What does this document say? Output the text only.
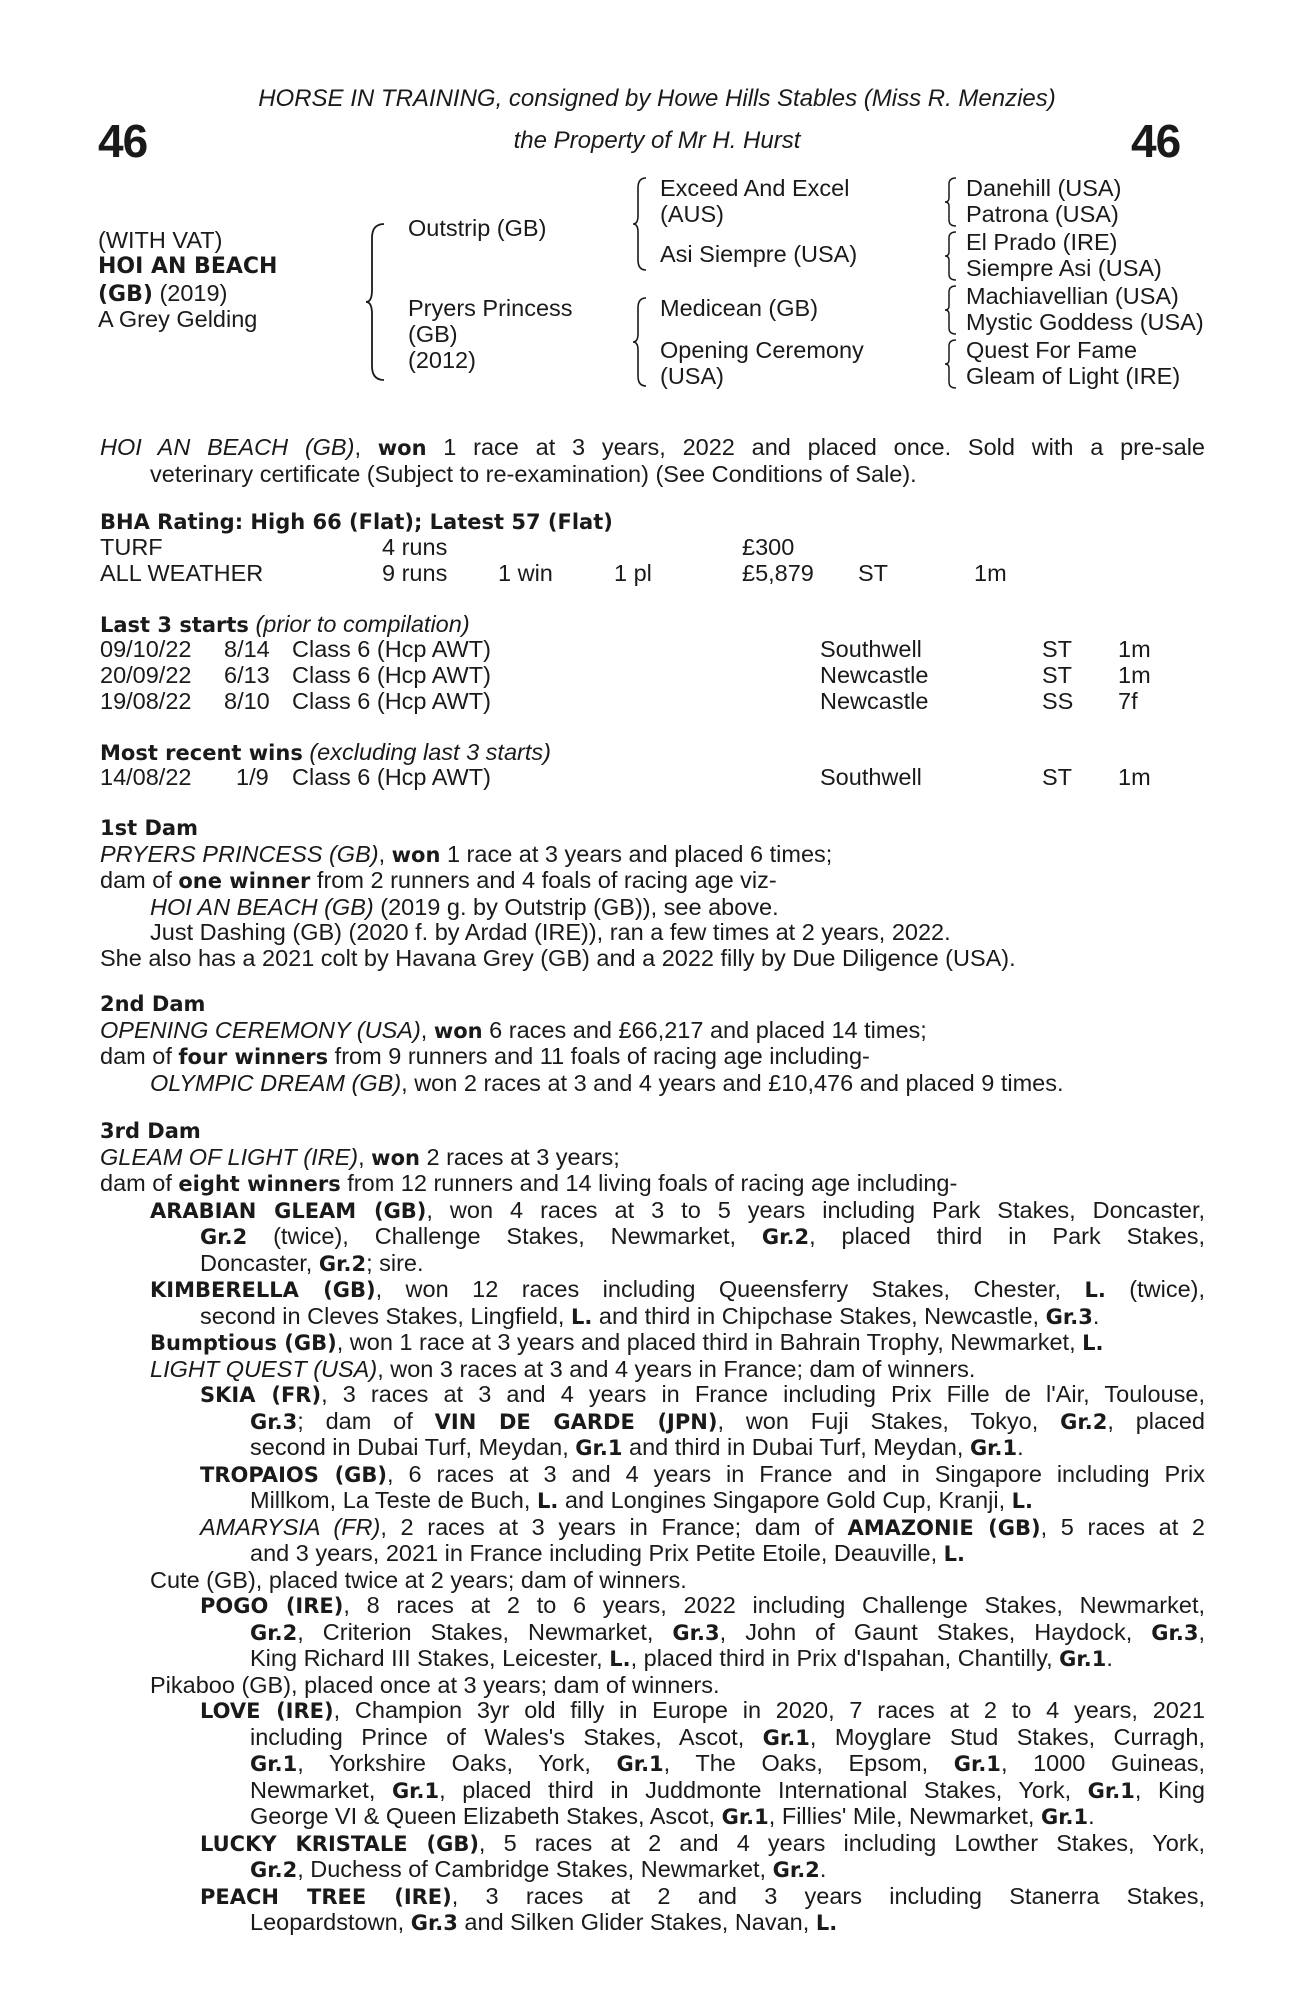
46	46
HORSE IN TRAINING, consigned by Howe Hills Stables (Miss R. Menzies)
the Property of Mr H. Hurst
(WITH VAT)
HOI AN BEACH
(GB) (2019)
A Grey Gelding
Outstrip (GB)
Pryers Princess
(GB)
(2012)
Exceed And Excel
(AUS)
Asi Siempre (USA)
Medicean (GB)
Opening Ceremony
(USA)
Danehill (USA)
Patrona (USA)
El Prado (IRE)
Siempre Asi (USA)
Machiavellian (USA)
Mystic Goddess (USA)
Quest For Fame
Gleam of Light (IRE)
HOI AN BEACH (GB), won 1 race at 3 years, 2022 and placed once. Sold with a pre-sale
veterinary certificate (Subject to re-examination) (See Conditions of Sale).
BHA Rating: High 66 (Flat); Latest 57 (Flat)
TURF	4 runs	£300
ALL WEATHER	9 runs 1 win	1 pl	£5,879 ST	1m
Last 3 starts (prior to compilation)
09/10/22 8/14 Class 6 (Hcp AWT)	Southwell	ST 1m
20/09/22 6/13 Class 6 (Hcp AWT)	Newcastle	ST 1m
19/08/22 8/10 Class 6 (Hcp AWT)	Newcastle	SS 7f
Most recent wins (excluding last 3 starts)
14/08/22 1/9 Class 6 (Hcp AWT)	Southwell	ST 1m
1st Dam
PRYERS PRINCESS (GB), won 1 race at 3 years and placed 6 times;
dam of one winner from 2 runners and 4 foals of racing age viz-
HOI AN BEACH (GB) (2019 g. by Outstrip (GB)), see above.
Just Dashing (GB) (2020 f. by Ardad (IRE)), ran a few times at 2 years, 2022.
She also has a 2021 colt by Havana Grey (GB) and a 2022 filly by Due Diligence (USA).
2nd Dam
OPENING CEREMONY (USA), won 6 races and £66,217 and placed 14 times;
dam of four winners from 9 runners and 11 foals of racing age including-
OLYMPIC DREAM (GB), won 2 races at 3 and 4 years and £10,476 and placed 9 times.
3rd Dam
GLEAM OF LIGHT (IRE), won 2 races at 3 years;
dam of eight winners from 12 runners and 14 living foals of racing age including-
ARABIAN GLEAM (GB), won 4 races at 3 to 5 years including Park Stakes, Doncaster,
Gr.2 (twice), Challenge Stakes, Newmarket, Gr.2, placed third in Park Stakes,
Doncaster, Gr.2; sire.
KIMBERELLA (GB), won 12 races including Queensferry Stakes, Chester, L. (twice),
second in Cleves Stakes, Lingfield, L. and third in Chipchase Stakes, Newcastle, Gr.3.
Bumptious (GB), won 1 race at 3 years and placed third in Bahrain Trophy, Newmarket, L.
LIGHT QUEST (USA), won 3 races at 3 and 4 years in France; dam of winners.
SKIA (FR), 3 races at 3 and 4 years in France including Prix Fille de l'Air, Toulouse,
Gr.3; dam of VIN DE GARDE (JPN), won Fuji Stakes, Tokyo, Gr.2, placed
second in Dubai Turf, Meydan, Gr.1 and third in Dubai Turf, Meydan, Gr.1.
TROPAIOS (GB), 6 races at 3 and 4 years in France and in Singapore including Prix
Millkom, La Teste de Buch, L. and Longines Singapore Gold Cup, Kranji, L.
AMARYSIA (FR), 2 races at 3 years in France; dam of AMAZONIE (GB), 5 races at 2
and 3 years, 2021 in France including Prix Petite Etoile, Deauville, L.
Cute (GB), placed twice at 2 years; dam of winners.
POGO (IRE), 8 races at 2 to 6 years, 2022 including Challenge Stakes, Newmarket,
Gr.2, Criterion Stakes, Newmarket, Gr.3, John of Gaunt Stakes, Haydock, Gr.3,
King Richard III Stakes, Leicester, L., placed third in Prix d'Ispahan, Chantilly, Gr.1.
Pikaboo (GB), placed once at 3 years; dam of winners.
LOVE (IRE), Champion 3yr old filly in Europe in 2020, 7 races at 2 to 4 years, 2021
including Prince of Wales's Stakes, Ascot, Gr.1, Moyglare Stud Stakes, Curragh,
Gr.1, Yorkshire Oaks, York, Gr.1, The Oaks, Epsom, Gr.1, 1000 Guineas,
Newmarket, Gr.1, placed third in Juddmonte International Stakes, York, Gr.1, King
George VI & Queen Elizabeth Stakes, Ascot, Gr.1, Fillies' Mile, Newmarket, Gr.1.
LUCKY KRISTALE (GB), 5 races at 2 and 4 years including Lowther Stakes, York,
Gr.2, Duchess of Cambridge Stakes, Newmarket, Gr.2.
PEACH TREE (IRE), 3 races at 2 and 3 years including Stanerra Stakes,
Leopardstown, Gr.3 and Silken Glider Stakes, Navan, L.
